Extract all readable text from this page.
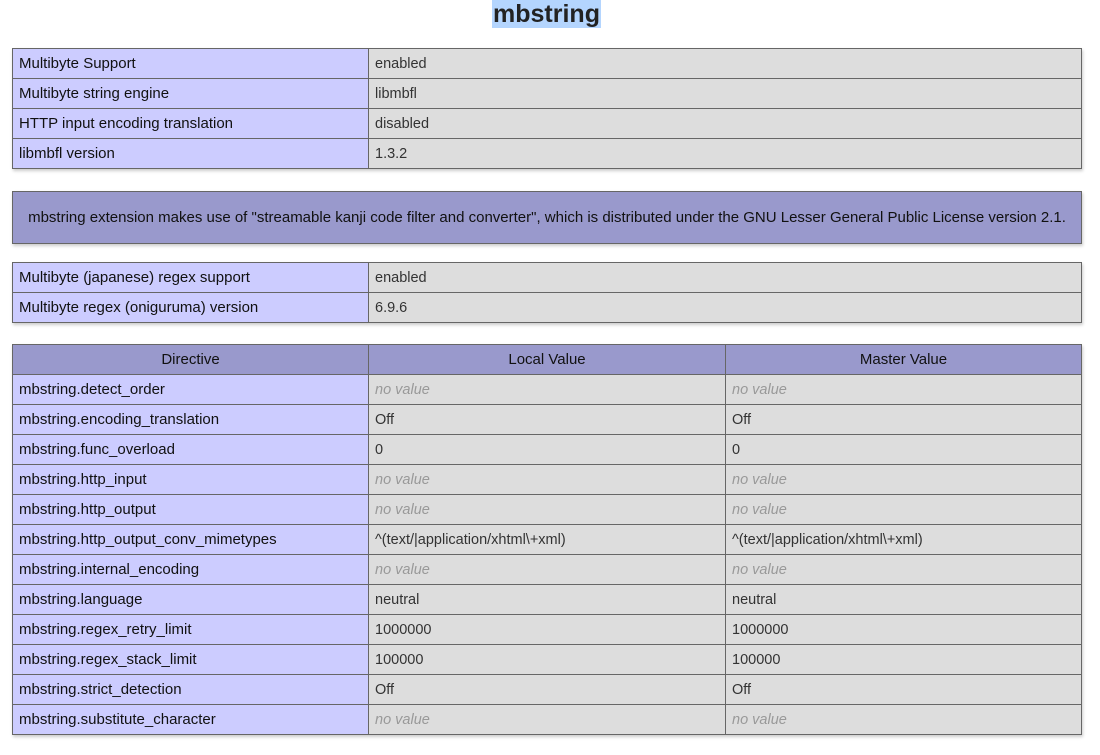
mbstring
Multibyte Support	enabled
Multibyte string engine	libmbfl
HTTP input encoding translation	disabled
libmbfl version	1.3.2
mbstring extension makes use of "streamable kanji code filter and converter", which is distributed under the GNU Lesser General Public License version 2.1.
Multibyte (japanese) regex support	enabled
Multibyte regex (oniguruma) version	6.9.6
Directive	Local Value	Master Value
mbstring.detect_order	no value	no value
mbstring.encoding_translation	Off	Off
mbstring.func_overload	0	0
mbstring.http_input	no value	no value
mbstring.http_output	no value	no value
mbstring.http_output_conv_mimetypes	^(text/|application/xhtml\+xml)	^(text/|application/xhtml\+xml)
mbstring.internal_encoding	no value	no value
mbstring.language	neutral	neutral
mbstring.regex_retry_limit	1000000	1000000
mbstring.regex_stack_limit	100000	100000
mbstring.strict_detection	Off	Off
mbstring.substitute_character	no value	no value
